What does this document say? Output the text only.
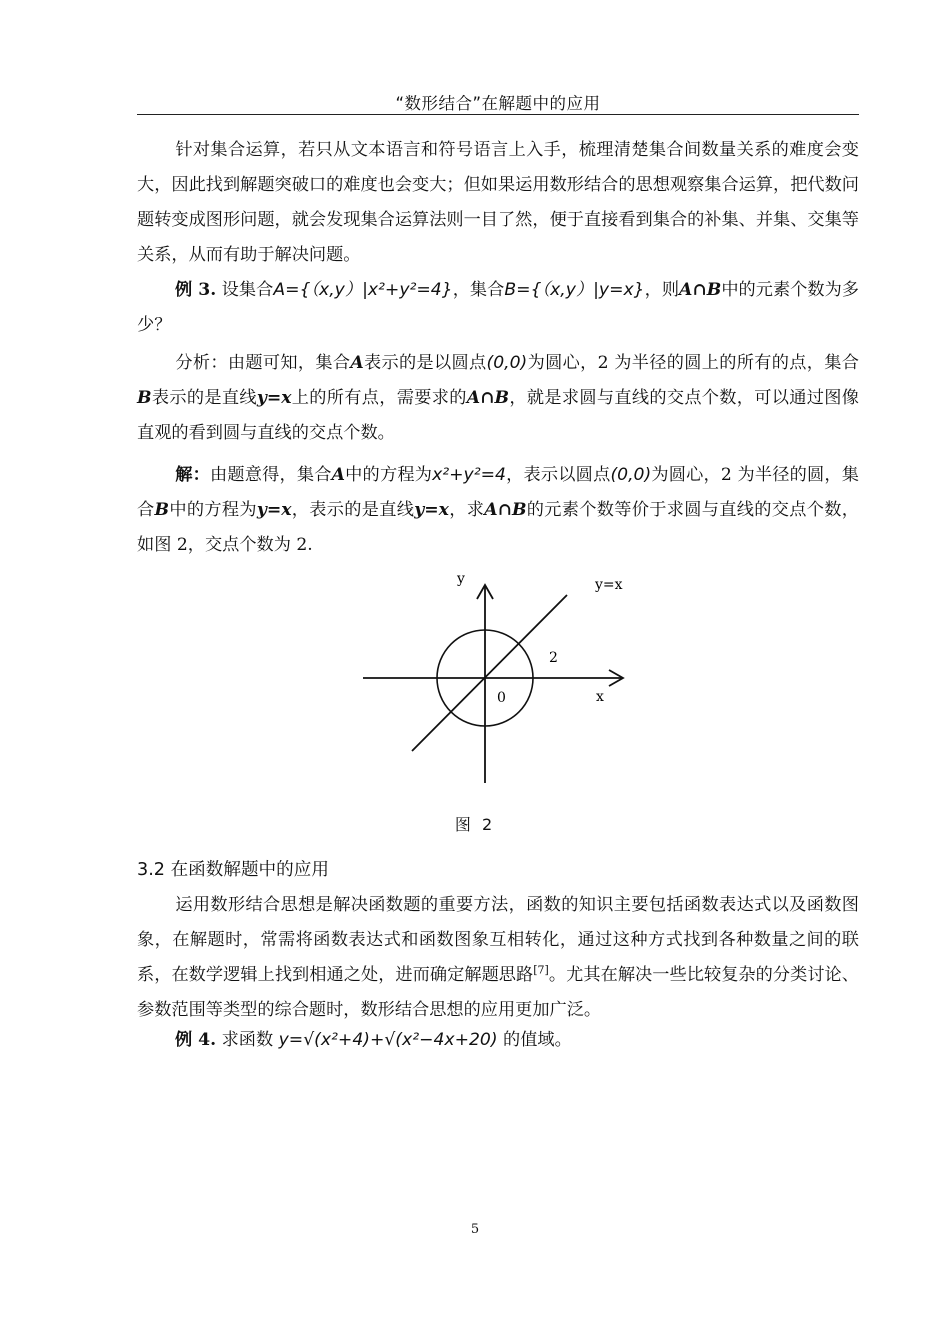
“数形结合”在解题中的应用
针对集合运算，若只从文本语言和符号语言上入手，梳理清楚集合间数量关系的难度会变大，因此找到解题突破口的难度也会变大；但如果运用数形结合的思想观察集合运算，把代数问题转变成图形问题，就会发现集合运算法则一目了然，便于直接看到集合的补集、并集、交集等关系，从而有助于解决问题。
例 3. 设集合A={（x,y）|x²+y²=4}，集合B={（x,y）|y=x}，则A∩B中的元素个数为多少？
分析：由题可知，集合A表示的是以圆点(0,0)为圆心，2 为半径的圆上的所有的点，集合B表示的是直线y=x上的所有点，需要求的A∩B，就是求圆与直线的交点个数，可以通过图像直观的看到圆与直线的交点个数。
解：由题意得，集合A中的方程为x²+y²=4，表示以圆点(0,0)为圆心，2 为半径的圆，集合B中的方程为y=x，表示的是直线y=x，求A∩B的元素个数等价于求圆与直线的交点个数，如图 2，交点个数为 2.
y
x
y=x
2
0
图 2
3.2 在函数解题中的应用
运用数形结合思想是解决函数题的重要方法，函数的知识主要包括函数表达式以及函数图象，在解题时，常需将函数表达式和函数图象互相转化，通过这种方式找到各种数量之间的联系，在数学逻辑上找到相通之处，进而确定解题思路[7]。尤其在解决一些比较复杂的分类讨论、参数范围等类型的综合题时，数形结合思想的应用更加广泛。
例 4. 求函数 y=√(x²+4)+√(x²−4x+20) 的值域。
5
